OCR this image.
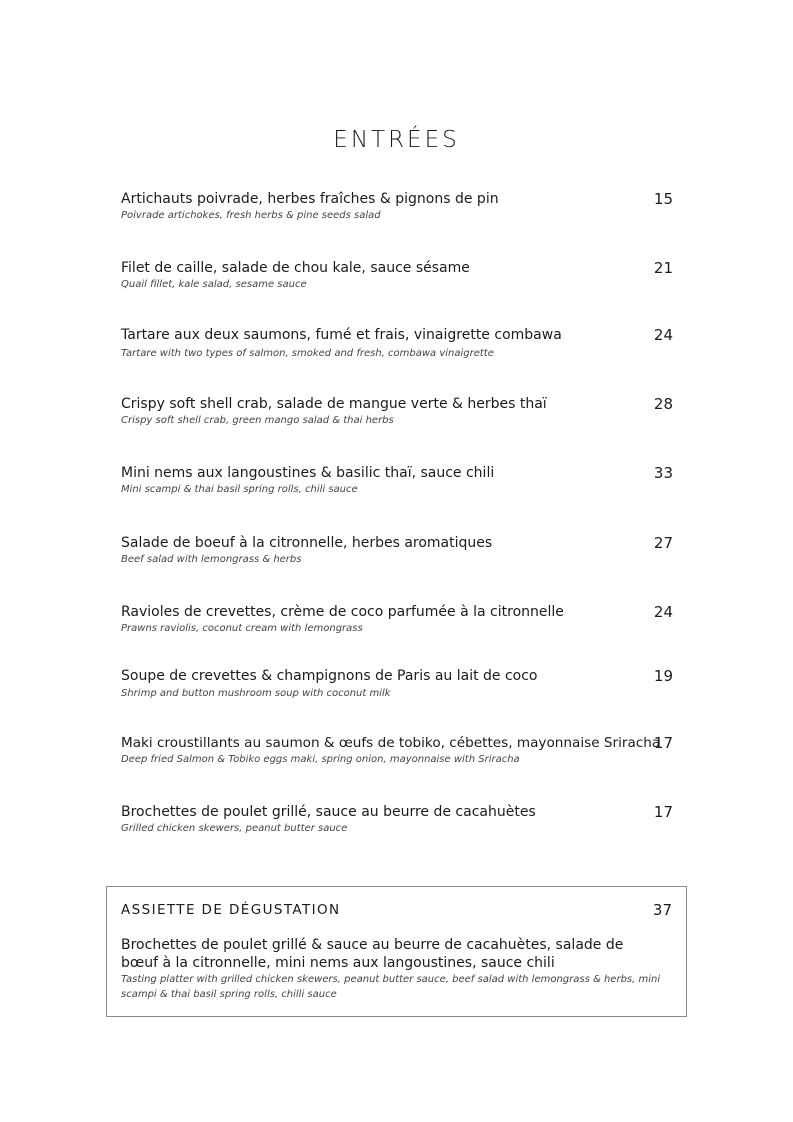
ENTRÉES
Artichauts poivrade, herbes fraîches & pignons de pin
Poivrade artichokes, fresh herbs & pine seeds salad
15
Filet de caille, salade de chou kale, sauce sésame
Quail fillet, kale salad, sesame sauce
21
Tartare aux deux saumons, fumé et frais, vinaigrette combawa
Tartare with two types of salmon, smoked and fresh, combawa vinaigrette
24
Crispy soft shell crab, salade de mangue verte & herbes thaï
Crispy soft shell crab, green mango salad & thai herbs
28
Mini nems aux langoustines & basilic thaï, sauce chili
Mini scampi & thai basil spring rolls, chili sauce
33
Salade de boeuf à la citronnelle, herbes aromatiques
Beef salad with lemongrass & herbs
27
Ravioles de crevettes, crème de coco parfumée à la citronnelle
Prawns raviolis, coconut cream with lemongrass
24
Soupe de crevettes & champignons de Paris au lait de coco
Shrimp and button mushroom soup with coconut milk
19
Maki croustillants au saumon & œufs de tobiko, cébettes, mayonnaise Sriracha
Deep fried Salmon & Tobiko eggs maki, spring onion, mayonnaise with Sriracha
17
Brochettes de poulet grillé, sauce au beurre de cacahuètes
Grilled chicken skewers, peanut butter sauce
17
ASSIETTE DE DÉGUSTATION	37
Brochettes de poulet grillé & sauce au beurre de cacahuètes, salade de bœuf à la citronnelle, mini nems aux langoustines, sauce chili
Tasting platter with grilled chicken skewers, peanut butter sauce, beef salad with lemongrass & herbs, mini scampi & thai basil spring rolls, chilli sauce
